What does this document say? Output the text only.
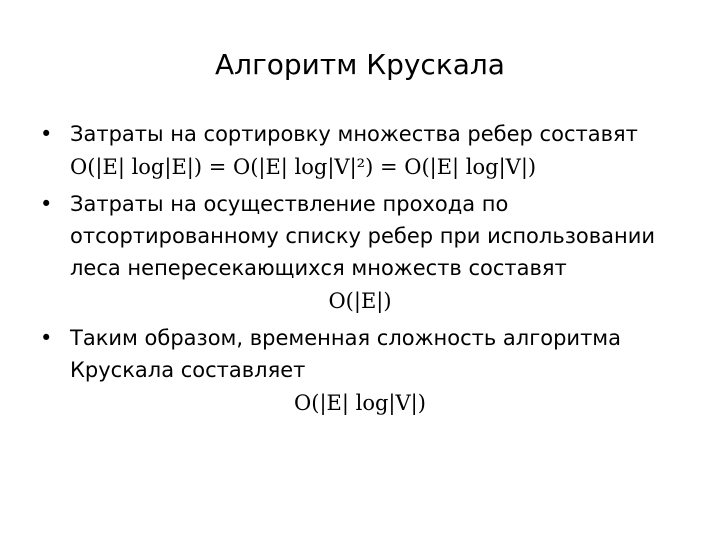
Алгоритм Крускала
• Затраты на сортировку множества ребер составят
O(|E| log|E|) = O(|E| log|V|²) = O(|E| log|V|)
• Затраты на осуществление прохода по отсортированному списку ребер при использовании леса непересекающихся множеств составят
O(|E|)
• Таким образом, временная сложность алгоритма Крускала составляет
O(|E| log|V|)
